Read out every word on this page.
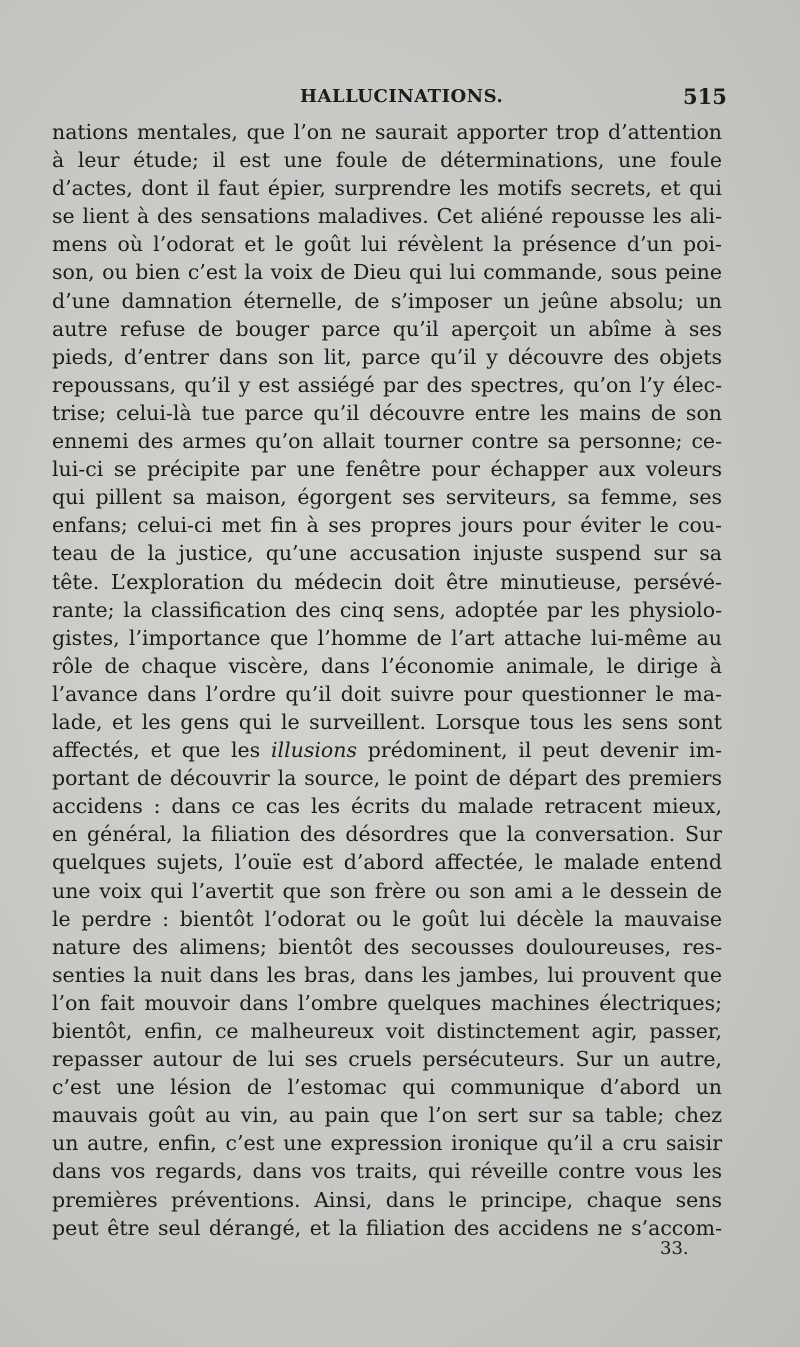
HALLUCINATIONS.	515
nations mentales, que l’on ne saurait apporter trop d’attention
à leur étude; il est une foule de déterminations, une foule
d’actes, dont il faut épier, surprendre les motifs secrets, et qui
se lient à des sensations maladives. Cet aliéné repousse les ali-
mens où l’odorat et le goût lui révèlent la présence d’un poi-
son, ou bien c’est la voix de Dieu qui lui commande, sous peine
d’une damnation éternelle, de s’imposer un jeûne absolu; un
autre refuse de bouger parce qu’il aperçoit un abîme à ses
pieds, d’entrer dans son lit, parce qu’il y découvre des objets
repoussans, qu’il y est assiégé par des spectres, qu’on l’y élec-
trise; celui-là tue parce qu’il découvre entre les mains de son
ennemi des armes qu’on allait tourner contre sa personne; ce-
lui-ci se précipite par une fenêtre pour échapper aux voleurs
qui pillent sa maison, égorgent ses serviteurs, sa femme, ses
enfans; celui-ci met fin à ses propres jours pour éviter le cou-
teau de la justice, qu’une accusation injuste suspend sur sa
tête. L’exploration du médecin doit être minutieuse, persévé-
rante; la classification des cinq sens, adoptée par les physiolo-
gistes, l’importance que l’homme de l’art attache lui-même au
rôle de chaque viscère, dans l’économie animale, le dirige à
l’avance dans l’ordre qu’il doit suivre pour questionner le ma-
lade, et les gens qui le surveillent. Lorsque tous les sens sont
affectés, et que les illusions prédominent, il peut devenir im-
portant de découvrir la source, le point de départ des premiers
accidens : dans ce cas les écrits du malade retracent mieux,
en général, la filiation des désordres que la conversation. Sur
quelques sujets, l’ouïe est d’abord affectée, le malade entend
une voix qui l’avertit que son frère ou son ami a le dessein de
le perdre : bientôt l’odorat ou le goût lui décèle la mauvaise
nature des alimens; bientôt des secousses douloureuses, res-
senties la nuit dans les bras, dans les jambes, lui prouvent que
l’on fait mouvoir dans l’ombre quelques machines électriques;
bientôt, enfin, ce malheureux voit distinctement agir, passer,
repasser autour de lui ses cruels persécuteurs. Sur un autre,
c’est une lésion de l’estomac qui communique d’abord un
mauvais goût au vin, au pain que l’on sert sur sa table; chez
un autre, enfin, c’est une expression ironique qu’il a cru saisir
dans vos regards, dans vos traits, qui réveille contre vous les
premières préventions. Ainsi, dans le principe, chaque sens
peut être seul dérangé, et la filiation des accidens ne s’accom-
33.
